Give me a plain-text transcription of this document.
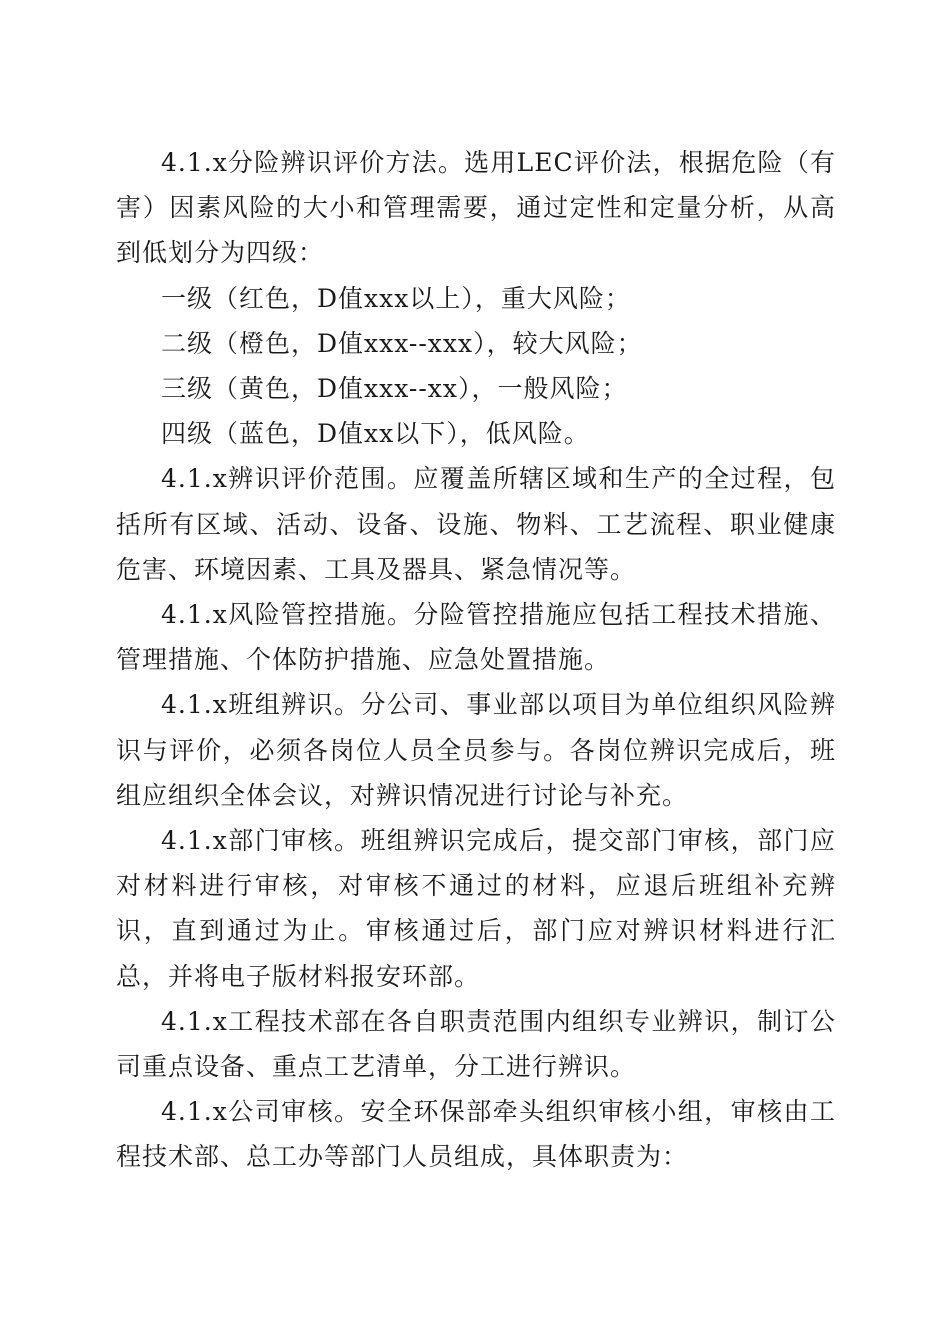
4.1.x分险辨识评价方法。选用LEC评价法，根据危险（有害）因素风险的大小和管理需要，通过定性和定量分析，从高到低划分为四级：

一级（红色，D值xxx以上），重大风险；

二级（橙色，D值xxx--xxx），较大风险；

三级（黄色，D值xxx--xx），一般风险；

四级（蓝色，D值xx以下），低风险。

4.1.x辨识评价范围。应覆盖所辖区域和生产的全过程，包括所有区域、活动、设备、设施、物料、工艺流程、职业健康危害、环境因素、工具及器具、紧急情况等。

4.1.x风险管控措施。分险管控措施应包括工程技术措施、管理措施、个体防护措施、应急处置措施。

4.1.x班组辨识。分公司、事业部以项目为单位组织风险辨识与评价，必须各岗位人员全员参与。各岗位辨识完成后，班组应组织全体会议，对辨识情况进行讨论与补充。

4.1.x部门审核。班组辨识完成后，提交部门审核，部门应对材料进行审核，对审核不通过的材料，应退后班组补充辨识，直到通过为止。审核通过后，部门应对辨识材料进行汇总，并将电子版材料报安环部。

4.1.x工程技术部在各自职责范围内组织专业辨识，制订公司重点设备、重点工艺清单，分工进行辨识。

4.1.x公司审核。安全环保部牵头组织审核小组，审核由工程技术部、总工办等部门人员组成，具体职责为：
